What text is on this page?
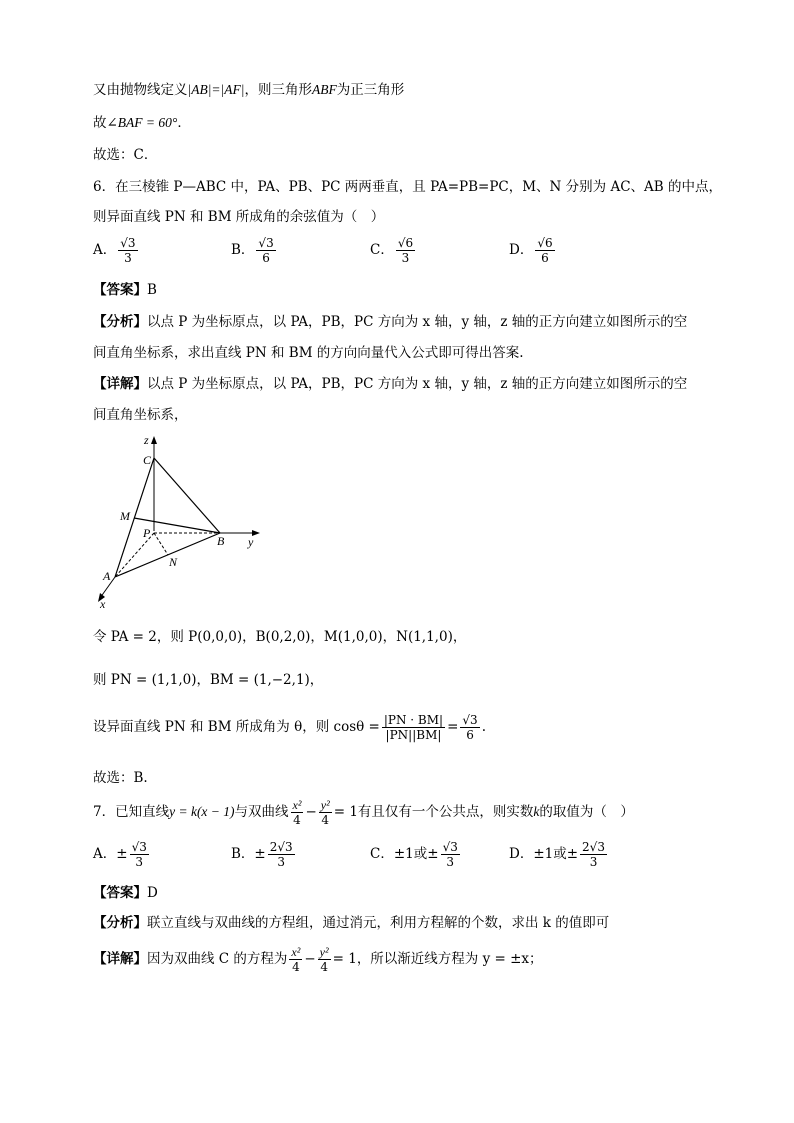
又由抛物线定义|AB|=|AF|，则三角形ABF为正三角形
故∠BAF = 60°．
故选：C．
6．在三棱锥 P—ABC 中，PA、PB、PC 两两垂直，且 PA=PB=PC，M、N 分别为 AC、AB 的中点，
则异面直线 PN 和 BM 所成角的余弦值为（　）
A． $\frac{√3}{3}$	B． $\frac{√3}{6}$	C． $\frac{√6}{3}$	D． $\frac{√6}{6}$
【答案】B
【分析】以点 P 为坐标原点，以 PA，PB，PC 方向为 x 轴，y 轴，z 轴的正方向建立如图所示的空
间直角坐标系，求出直线 PN 和 BM 的方向向量代入公式即可得出答案.
【详解】以点 P 为坐标原点，以 PA，PB，PC 方向为 x 轴，y 轴，z 轴的正方向建立如图所示的空
间直角坐标系，
z
y
x
C
M
P
B
N
A
令 PA = 2，则 P(0,0,0)，B(0,2,0)，M(1,0,0)，N(1,1,0)，
则 PN = (1,1,0)，BM = (1,−2,1)，
设异面直线 PN 和 BM 所成角为 θ，则 $\cos\theta = \frac{|PN \cdot BM|}{|PN||BM|} = \frac{√3}{6}$ .
故选：B.
7．已知直线y = k(x − 1)与双曲线 $\frac{\text{x²}}{4} - \frac{\text{y²}}{4} = 1$有且仅有一个公共点，则实数k的取值为（　）
A．± $\frac{√3}{3}$	B．± $\frac{2√3}{3}$	C．±1或± $\frac{√3}{3}$	D．±1或± $\frac{2√3}{3}$
【答案】D
【分析】联立直线与双曲线的方程组，通过消元，利用方程解的个数，求出 k 的值即可
【详解】因为双曲线 C 的方程为 $\frac{\text{x²}}{4} - \frac{\text{y²}}{4} = 1$，所以渐近线方程为 y = ±x；
